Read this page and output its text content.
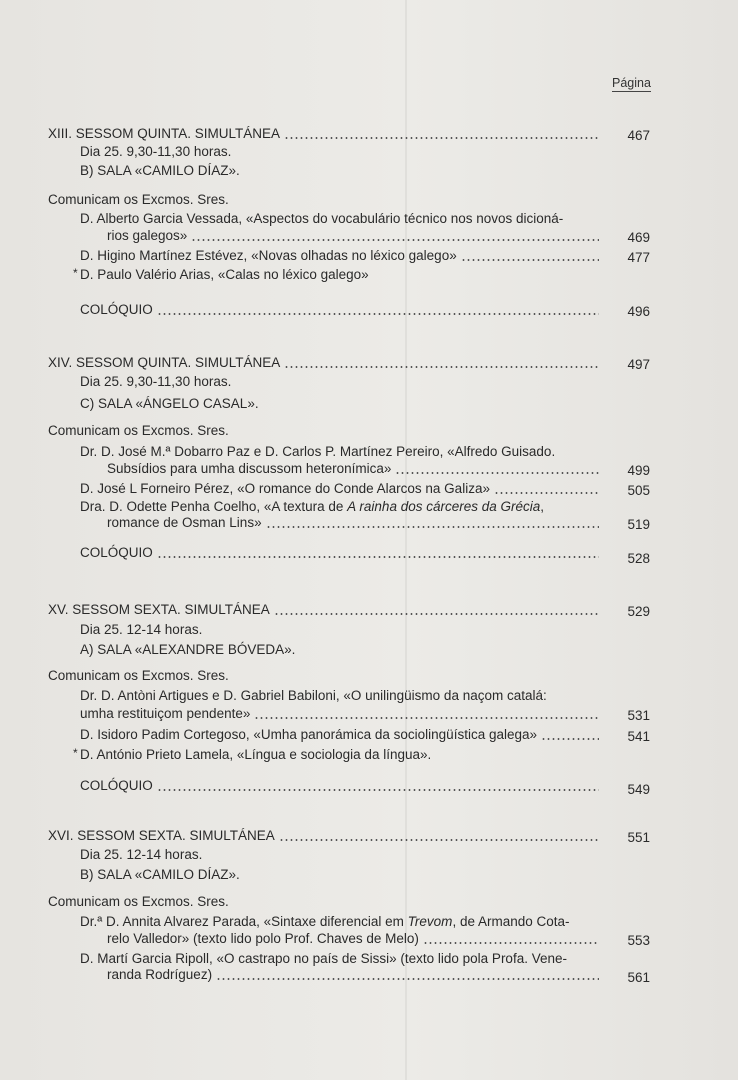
Página
XIII. SESSOM QUINTA. SIMULTÁNEA	467
Dia 25. 9,30-11,30 horas.
B) SALA «CAMILO DÍAZ».
Comunicam os Excmos. Sres.
D. Alberto Garcia Vessada, «Aspectos do vocabulário técnico nos novos dicioná-
rios galegos»	469
D. Higino Martínez Estévez, «Novas olhadas no léxico galego»	477
* D. Paulo Valério Arias, «Calas no léxico galego»
COLÓQUIO	496
XIV. SESSOM QUINTA. SIMULTÁNEA	497
Dia 25. 9,30-11,30 horas.
C) SALA «ÁNGELO CASAL».
Comunicam os Excmos. Sres.
Dr. D. José M.ª Dobarro Paz e D. Carlos P. Martínez Pereiro, «Alfredo Guisado.
Subsídios para umha discussom heteronímica»	499
D. José L Forneiro Pérez, «O romance do Conde Alarcos na Galiza»	505
Dra. D. Odette Penha Coelho, «A textura de A rainha dos cárceres da Grécia,
romance de Osman Lins»	519
COLÓQUIO	528
XV. SESSOM SEXTA. SIMULTÁNEA	529
Dia 25. 12-14 horas.
A) SALA «ALEXANDRE BÓVEDA».
Comunicam os Excmos. Sres.
Dr. D. Antòni Artigues e D. Gabriel Babiloni, «O unilingüismo da naçom catalá:
umha restituiçom pendente»	531
D. Isidoro Padim Cortegoso, «Umha panorámica da sociolingüística galega»	541
* D. António Prieto Lamela, «Língua e sociologia da língua».
COLÓQUIO	549
XVI. SESSOM SEXTA. SIMULTÁNEA	551
Dia 25. 12-14 horas.
B) SALA «CAMILO DÍAZ».
Comunicam os Excmos. Sres.
Dr.ª D. Annita Alvarez Parada, «Sintaxe diferencial em Trevom, de Armando Cota-
relo Valledor» (texto lido polo Prof. Chaves de Melo)	553
D. Martí Garcia Ripoll, «O castrapo no país de Sissi» (texto lido pola Profa. Vene-
randa Rodríguez)	561
